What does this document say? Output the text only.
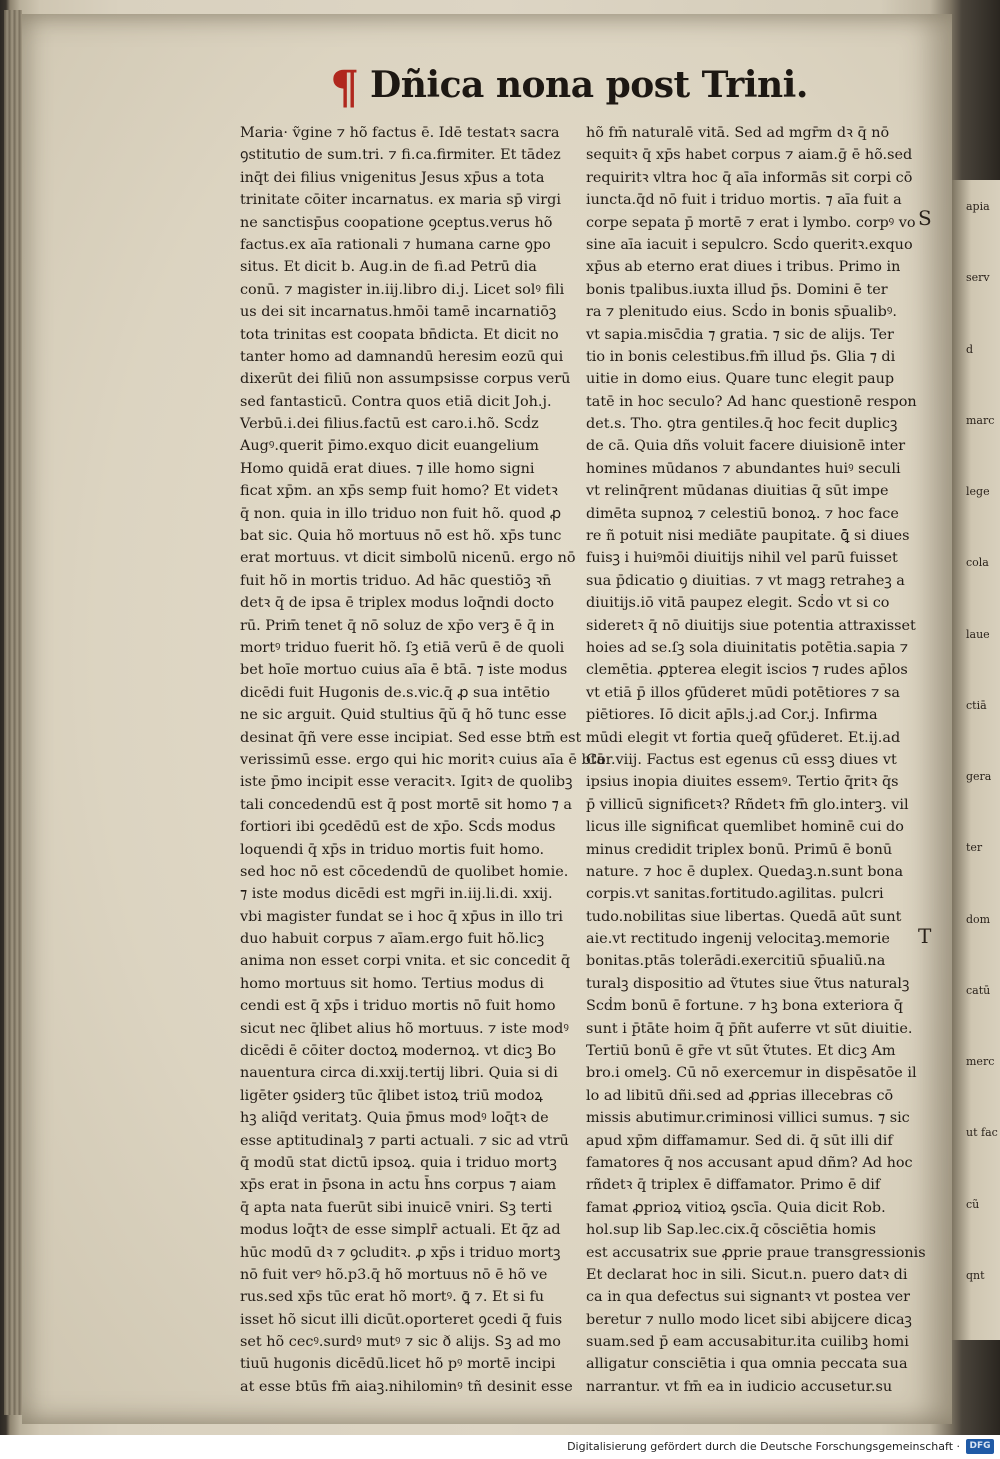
apia
serv
d
marc
lege
cola
laue
ctiā
gera
ter
dom
catū
merc
ut fac
cũ
qnt
¶ Dñica nona post Trini.
Maria· ṽgine ⁊ hõ factus ē. Idē testatꝛ sacra
ꝯstitutio de sum.tri. ⁊ fi.ca.firmiter. Et tādez
inq̄t dei filius vnigenitus Jesus xp̄us a tota
trinitate cōiter incarnatus. ex maria sp̄ virgi
ne sanctisp̄us coopatione ꝯceptus.verus hõ
factus.ex aīa rationali ⁊ humana carne ꝯpo
situs. Et dicit b. Aug.in de fi.ad Petrū dia
conū. ⁊ magister in.iij.libro di.j. Licet solꝰ fili
us dei sit incarnatus.hmōi tamē incarnatiōꝫ
tota trinitas est coopata bn̄dicta. Et dicit no
tanter homo ad damnandū heresim eozū qui
dixerūt dei filiū non assumpsisse corpus verū
sed fantasticū. Contra quos etiā dicit Joh.j.
Verbū.i.dei filius.factū est caro.i.hõ. Scḋz
Augꝰ.querit p̄imo.exquo dicit euangelium
Homo quidā erat diues. ⁊ ille homo signi
ficat xp̄m. an xp̄s semp fuit homo? Et videtꝛ
q̄ non. quia in illo triduo non fuit hõ. quod ꝓ
bat sic. Quia hõ mortuus nō est hõ. xp̄s tunc
erat mortuus. vt dicit simbolū nicenū. ergo nō
fuit hõ in mortis triduo. Ad hāc questiōꝫ ꝛn̄
detꝛ q̄ de ipsa ē triplex modus loq̄ndi docto
rū. Prim̄ tenet q̄ nō soluz de xp̄o verꝫ ē q̄ in
mortꝰ triduo fuerit hõ. ſꝫ etiā verū ē de quoli
bet hoīe mortuo cuius aīa ē btā. ⁊ iste modus
dicēdi fuit Hugonis de.s.vic.q̄ ꝓ sua intētio
ne sic arguit. Quid stultius q̄ŭ q̄ hõ tunc esse
desinat q̄ñ vere esse incipiat. Sed esse btm̄ est
verissimū esse. ergo qui hic moritꝛ cuius aīa ē btā
iste p̄mo incipit esse veracitꝛ. Igitꝛ de quolibꝫ
tali concedendū est q̄ post mortē sit homo ⁊ a
fortiori ibi ꝯcedēdū est de xp̄o. Scḋs modus
loquendi q̄ xp̄s in triduo mortis fuit homo.
sed hoc nō est cōcedendū de quolibet homie.
⁊ iste modus dicēdi est mgr̄i in.iij.li.di. xxij.
vbi magister fundat se i hoc q̄ xp̄us in illo tri
duo habuit corpus ⁊ aīam.ergo fuit hõ.licꝫ
anima non esset corpi vnita. et sic concedit q̄
homo mortuus sit homo. Tertius modus di
cendi est q̄ xp̄s i triduo mortis nō fuit homo
sicut nec q̄libet alius hõ mortuus. ⁊ iste modꝰ
dicēdi ē cōiter doctoꝝ modernoꝝ. vt dicꝫ Bo
nauentura circa di.xxij.tertij libri. Quia si di
ligēter ꝯsiderꝫ tūc q̄libet istoꝝ triū modoꝝ
hꝫ aliq̄d veritatꝫ. Quia p̄mus modꝰ loq̄tꝛ de
esse aptitudinalꝫ ⁊ parti actuali. ⁊ sic ad vtrū
q̄ modū stat dictū ipsoꝝ. quia i triduo mortꝫ
xp̄s erat in p̄sona in actu h̄ns corpus ⁊ aiam
q̄ apta nata fuerūt sibi inuicē vniri. Sꝫ terti
modus loq̄tꝛ de esse simplr̄ actuali. Et q̄z ad
hūc modū dꝛ ⁊ ꝯcluditꝛ. ꝓ xp̄s i triduo mortꝫ
nō fuit verꝰ hõ.p3.q̄ hõ mortuus nō ē hõ ve
rus.sed xp̄s tūc erat hõ mortꝰ. ꝗ̄ ⁊. Et si fu
isset hõ sicut illi dicūt.oporteret ꝯcedi q̄ fuis
set hõ cecꝰ.surdꝰ mutꝰ ⁊ sic ð alijs. Sꝫ ad mo
tiuū hugonis dicēdū.licet hõ pꝰ mortē incipi
at esse btūs fm̄ aiaꝫ.nihilominꝰ tñ desinit esse
hõ fm̄ naturalē vitā. Sed ad mgr̄m dꝛ q̄ nō
sequitꝛ q̄ xp̄s habet corpus ⁊ aiam.ḡ ē hõ.sed
requiritꝛ vltra hoc q̄ aīa informās sit corpi cō
iuncta.q̄d nō fuit i triduo mortis. ⁊ aīa fuit a
corpe sepata p̄ mortē ⁊ erat i lymbo. corpꝰ vo
sine aīa iacuit i sepulcro. Scḋo queritꝛ.exquo
xp̄us ab eterno erat diues i tribus. Primo in
bonis tpalibus.iuxta illud p̄s. Domini ē ter
ra ⁊ plenitudo eius. Scḋo in bonis sp̄ualibꝰ.
vt sapia.misc̄dia ⁊ gratia. ⁊ sic de alijs. Ter
tio in bonis celestibus.fm̄ illud p̄s. Glia ⁊ di
uitie in domo eius. Quare tunc elegit paup
tatē in hoc seculo? Ad hanc questionē respon
det.s. Tho. ꝯtra gentiles.q̄ hoc fecit duplicꝫ
de cā. Quia dñs voluit facere diuisionē inter
homines mūdanos ⁊ abundantes huiꝰ seculi
vt relinq̄rent mūdanas diuitias q̄ sūt impe
dimēta supnoꝝ ⁊ celestiū bonoꝝ. ⁊ hoc face
re ñ potuit nisi mediāte paupitate. ꝗ̄ si diues
fuisꝫ i huiꝰmōi diuitijs nihil vel parū fuisset
sua p̄dicatio ꝯ diuitias. ⁊ vt magꝫ retraheꝫ a
diuitijs.iō vitā paupez elegit. Scḋo vt si co
sideretꝛ q̄ nō diuitijs siue potentia attraxisset
hoies ad se.ſꝫ sola diuinitatis potētia.sapia ⁊
clemētia. ꝓpterea elegit iscios ⁊ rudes ap̄los
vt etiā p̄ illos ꝯfūderet mūdi potētiores ⁊ sa
piētiores. Iō dicit ap̄ls.j.ad Cor.j. Infirma
mūdi elegit vt fortia queq̄ ꝯfūderet. Et.ij.ad
Cor.viij. Factus est egenus cū essꝫ diues vt
ipsius inopia diuites essemꝰ. Tertio q̄ritꝛ q̄s
p̄ villicū significetꝛ? Rñdetꝛ fm̄ glo.interꝫ. vil
licus ille significat quemlibet hominē cui do
minus credidit triplex bonū. Primū ē bonū
nature. ⁊ hoc ē duplex. Quedaꝫ.n.sunt bona
corpis.vt sanitas.fortitudo.agilitas. pulcri
tudo.nobilitas siue libertas. Quedā aūt sunt
aie.vt rectitudo ingenij velocitaꝫ.memorie
bonitas.ptās tolerādi.exercitiū sp̄ualiū.na
turalꝫ dispositio ad ṽtutes siue ṽtus naturalꝫ
Scḋm bonū ē fortune. ⁊ hꝫ bona exteriora q̄
sunt i p̄tāte hoim q̄ p̄ñt auferre vt sūt diuitie.
Tertiū bonū ē gr̄e vt sūt ṽtutes. Et dicꝫ Am
bro.i omelꝫ. Cū nō exercemur in dispēsatōe il
lo ad libitū dñi.sed ad ꝓprias illecebras cō
missis abutimur.criminosi villici sumus. ⁊ sic
apud xp̄m diffamamur. Sed di. q̄ sūt illi dif
famatores q̄ nos accusant apud dñm? Ad hoc
rñdetꝛ q̄ triplex ē diffamator. Primo ē dif
famat ꝓprioꝝ vitioꝝ ꝯscīa. Quia dicit Rob.
hol.sup lib Sap.lec.cix.q̄ cōsciētia homis
est accusatrix sue ꝓprie praue transgressionis
Et declarat hoc in sili. Sicut.n. puero datꝛ di
ca in qua defectus sui signantꝛ vt postea ver
beretur ⁊ nullo modo licet sibi abijcere dicaꝫ
suam.sed p̄ eam accusabitur.ita cuilibꝫ homi
alligatur consciētia i qua omnia peccata sua
narrantur. vt fm̄ ea in iudicio accusetur.su
S
T
Digitalisierung gefördert durch die Deutsche Forschungsgemeinschaft ·	DFG
